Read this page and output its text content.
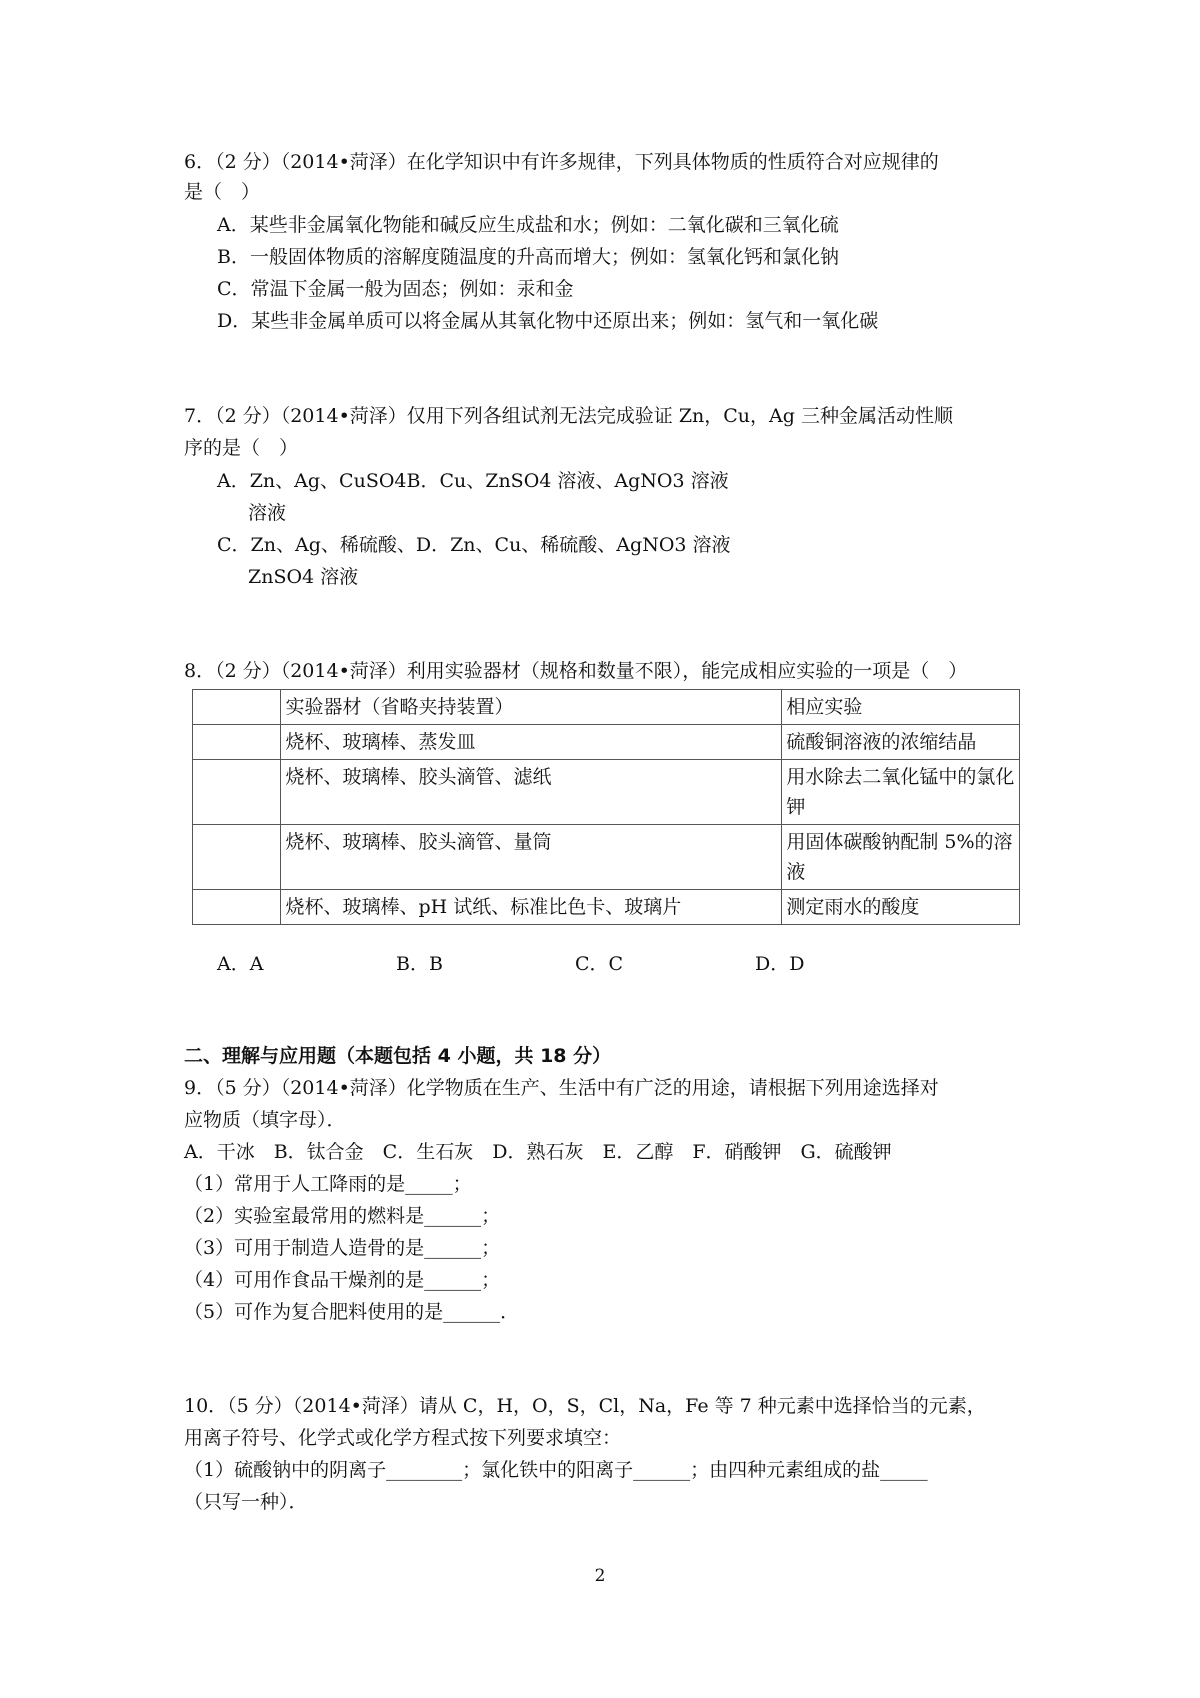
6．（2 分）（2014•菏泽）在化学知识中有许多规律，下列具体物质的性质符合对应规律的
是（　）
A．某些非金属氧化物能和碱反应生成盐和水；例如：二氧化碳和三氧化硫
B．一般固体物质的溶解度随温度的升高而增大；例如：氢氧化钙和氯化钠
C．常温下金属一般为固态；例如：汞和金
D．某些非金属单质可以将金属从其氧化物中还原出来；例如：氢气和一氧化碳
7．（2 分）（2014•菏泽）仅用下列各组试剂无法完成验证 Zn，Cu，Ag 三种金属活动性顺
序的是（　）
A．Zn、Ag、CuSO4B．Cu、ZnSO4 溶液、AgNO3 溶液
溶液
C．Zn、Ag、稀硫酸、D．Zn、Cu、稀硫酸、AgNO3 溶液
ZnSO4 溶液
8．（2 分）（2014•菏泽）利用实验器材（规格和数量不限），能完成相应实验的一项是（　）
	实验器材（省略夹持装置）	相应实验
	烧杯、玻璃棒、蒸发皿	硫酸铜溶液的浓缩结晶
	烧杯、玻璃棒、胶头滴管、滤纸	用水除去二氧化锰中的氯化钾
	烧杯、玻璃棒、胶头滴管、量筒	用固体碳酸钠配制 5%的溶液
	烧杯、玻璃棒、pH 试纸、标准比色卡、玻璃片	测定雨水的酸度
A．A	B．B	C．C	D．D
二、理解与应用题（本题包括 4 小题，共 18 分）
9．（5 分）（2014•菏泽）化学物质在生产、生活中有广泛的用途，请根据下列用途选择对
应物质（填字母）．
A．干冰　B．钛合金　C．生石灰　D．熟石灰　E．乙醇　F．硝酸钾　G．硫酸钾
（1）常用于人工降雨的是_____；
（2）实验室最常用的燃料是______；
（3）可用于制造人造骨的是______；
（4）可用作食品干燥剂的是______；
（5）可作为复合肥料使用的是______．
10．（5 分）（2014•菏泽）请从 C，H，O，S，Cl，Na，Fe 等 7 种元素中选择恰当的元素，
用离子符号、化学式或化学方程式按下列要求填空：
（1）硫酸钠中的阴离子________；氯化铁中的阳离子______；由四种元素组成的盐_____
（只写一种）．
2
